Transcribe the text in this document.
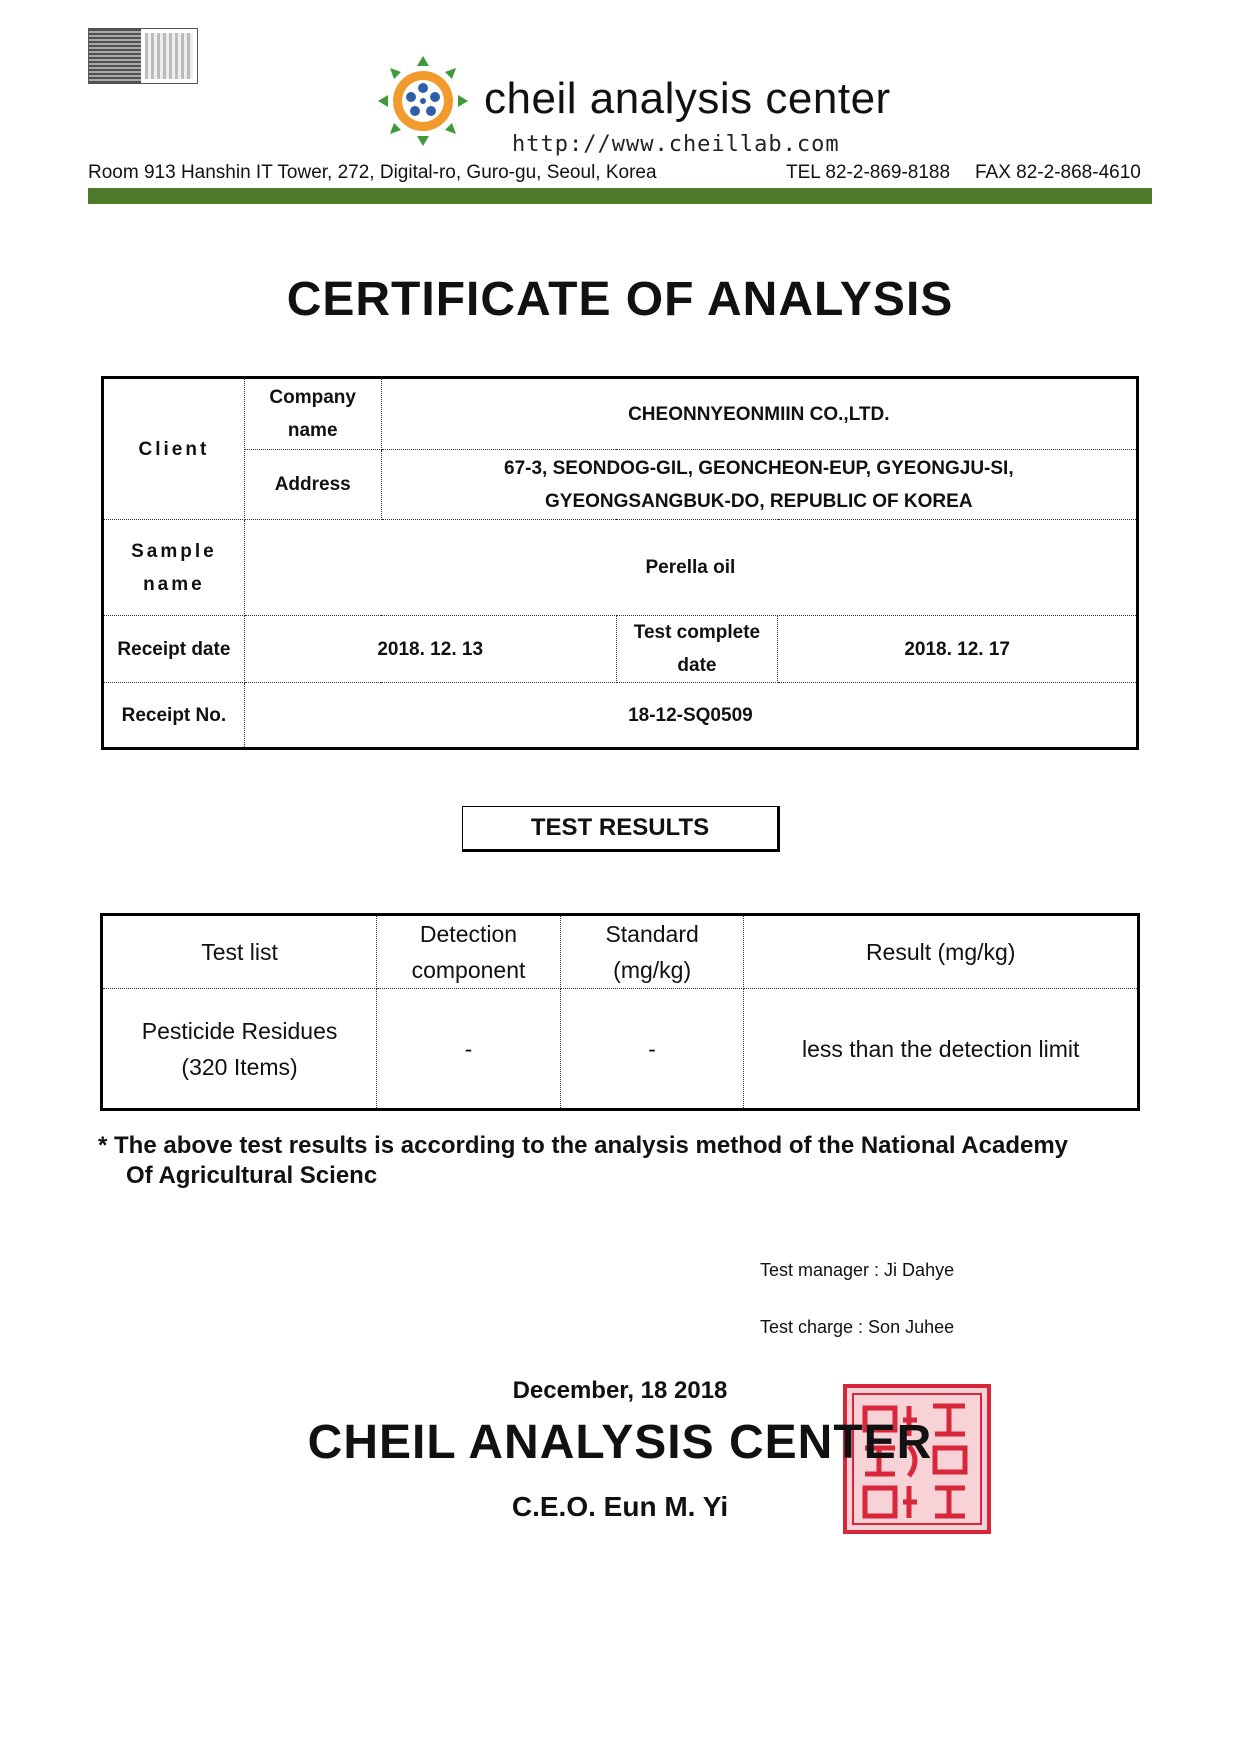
cheil analysis center
http://www.cheillab.com
Room 913 Hanshin IT Tower, 272, Digital-ro, Guro-gu, Seoul, Korea	TEL 82-2-869-8188 FAX 82-2-868-4610
CERTIFICATE OF ANALYSIS
Client	Company name	CHEONNYEONMIIN CO.,LTD.		
	Address	67-3, SEONDOG-GIL, GEONCHEON-EUP, GYEONGJU-SI,
GYEONGSANGBUK-DO, REPUBLIC OF KOREA		

Sample name	Perella oil			
Receipt date	2018. 12. 13		Test complete date	2018. 12. 17
Receipt No.	18-12-SQ0509			
TEST RESULTS
Test list	Detection component	Standard (mg/kg)	Result (mg/kg)

Pesticide Residues
(320 Items)	-	-	less than the detection limit
* The above test results is according to the analysis method of the National Academy
Of Agricultural Scienc
Test manager : Ji Dahye
Test charge : Son Juhee
December, 18 2018
CHEIL ANALYSIS CENTER
C.E.O. Eun M. Yi
